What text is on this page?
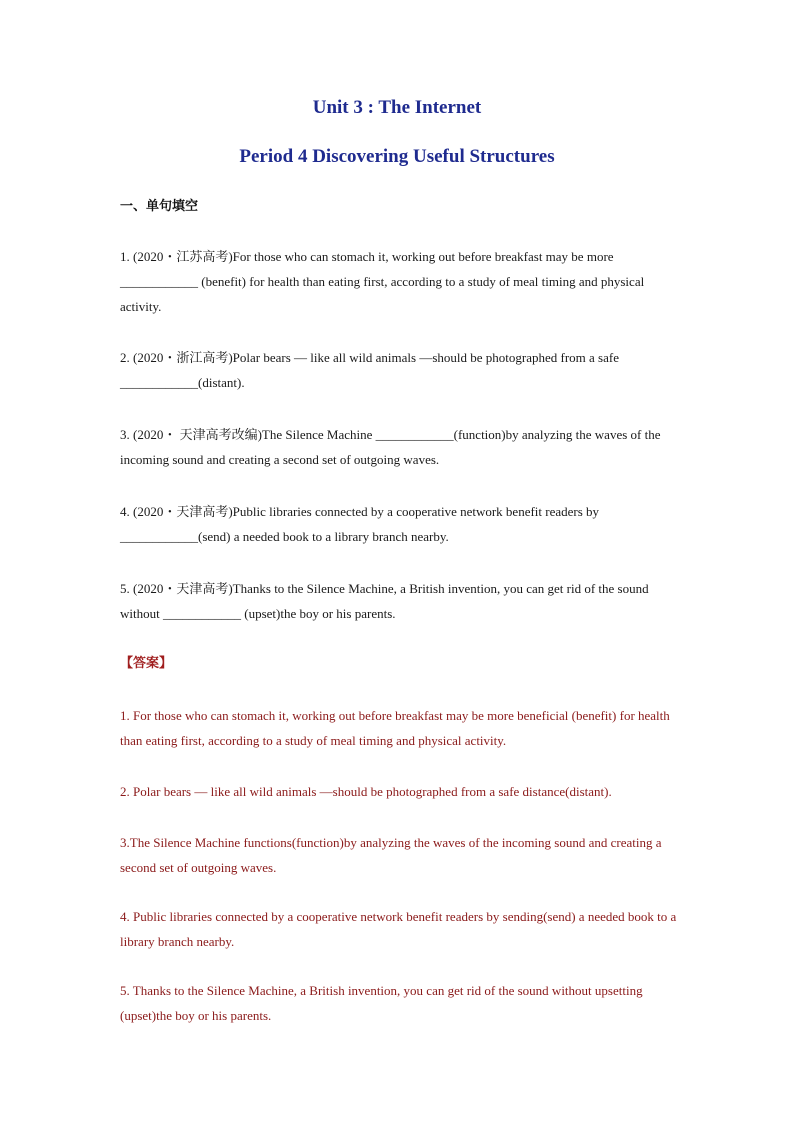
Unit 3 : The Internet
Period 4 Discovering Useful Structures
一、单句填空
1. (2020・江苏高考)For those who can stomach it, working out before breakfast may be more ____________ (benefit) for health than eating first, according to a study of meal timing and physical activity.
2. (2020・浙江高考)Polar bears — like all wild animals —should be photographed from a safe ____________(distant).
3. (2020・ 天津高考改编)The Silence Machine ____________(function)by analyzing the waves of the incoming sound and creating a second set of outgoing waves.
4. (2020・天津高考)Public libraries connected by a cooperative network benefit readers by ____________(send) a needed book to a library branch nearby.
5. (2020・天津高考)Thanks to the Silence Machine, a British invention, you can get rid of the sound without ____________ (upset)the boy or his parents.
【答案】
1. For those who can stomach it, working out before breakfast may be more beneficial (benefit) for health than eating first, according to a study of meal timing and physical activity.
2. Polar bears — like all wild animals —should be photographed from a safe distance(distant).
3.The Silence Machine functions(function)by analyzing the waves of the incoming sound and creating a second set of outgoing waves.
4. Public libraries connected by a cooperative network benefit readers by sending(send) a needed book to a library branch nearby.
5. Thanks to the Silence Machine, a British invention, you can get rid of the sound without upsetting (upset)the boy or his parents.
